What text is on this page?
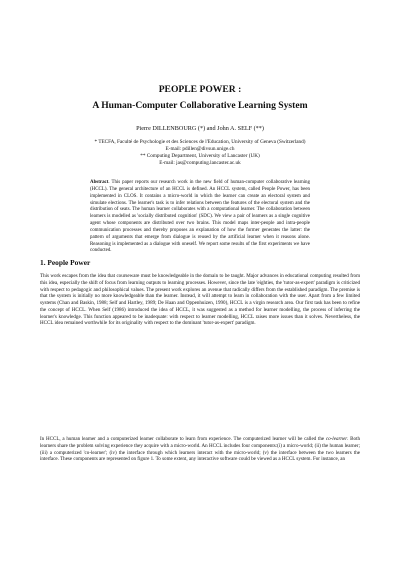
PEOPLE POWER :
A Human-Computer Collaborative Learning System
Pierre DILLENBOURG (*) and John A. SELF (**)
* TECFA, Faculté de Psychologie et des Sciences de l'Education, University of Geneva (Switzerland)
E-mail: pdillen@divsun.unige.ch
** Computing Department, University of Lancaster (UK)
E-mail: jas@computing.lancaster.ac.uk
Abstract. This paper reports our research work in the new field of human-computer collaborative learning (HCCL). The general architecture of an HCCL is defined. An HCCL system, called People Power, has been implemented in CLOS. It contains a micro-world in which the learner can create an electoral system and simulate elections. The learner's task is to infer relations between the features of the electoral system and the distribution of seats. The human learner collaborates with a computational learner. The collaboration between learners is modelled as 'socially distributed cognition' (SDC). We view a pair of learners as a single cognitive agent whose components are distributed over two brains. This model maps inter-people and intra-people communication processes and thereby proposes an explanation of how the former generates the latter: the pattern of arguments that emerge from dialogue is reused by the artificial learner when it reasons alone. Reasoning is implemented as a dialogue with oneself. We report some results of the first experiments we have conducted.
1. People Power
This work escapes from the idea that courseware must be knowledgeable in the domain to be taught. Major advances in educational computing resulted from this idea, especially the shift of focus from learning outputs to learning processes. However, since the late 'eighties, the 'tutor-as-expert' paradigm is criticized with respect to pedagogic and philosophical values. The present work explores an avenue that radically differs from the established paradigm. The premise is that the system is initially no more knowledgeable than the learner. Instead, it will attempt to learn in collaboration with the user. Apart from a few limited systems (Chan and Baskin, 1988; Self and Hartley, 1989; De Haan and Oppenhuizen, 1990), HCCL is a virgin research area. Our first task has been to refine the concept of HCCL. When Self (1986) introduced the idea of HCCL, it was suggested as a method for learner modelling, the process of inferring the learner's knowledge. This function appeared to be inadequate: with respect to learner modelling, HCCL raises more issues than it solves. Nevertheless, the HCCL idea remained worthwhile for its originality with respect to the dominant 'tutor-as-expert' paradigm.
In HCCL, a human learner and a computerized learner collaborate to learn from experience. The computerized learner will be called the co-learner. Both learners share the problem solving experience they acquire with a micro-world. An HCCL includes four components:(i) a micro-world; (ii) the human learner; (iii) a computerized 'co-learner'; (iv) the interface through which learners interact with the micro-world; (v) the interface between the two learners the interface. These components are represented on figure 1. To some extent, any interactive software could be viewed as a HCCL system. For instance, an
